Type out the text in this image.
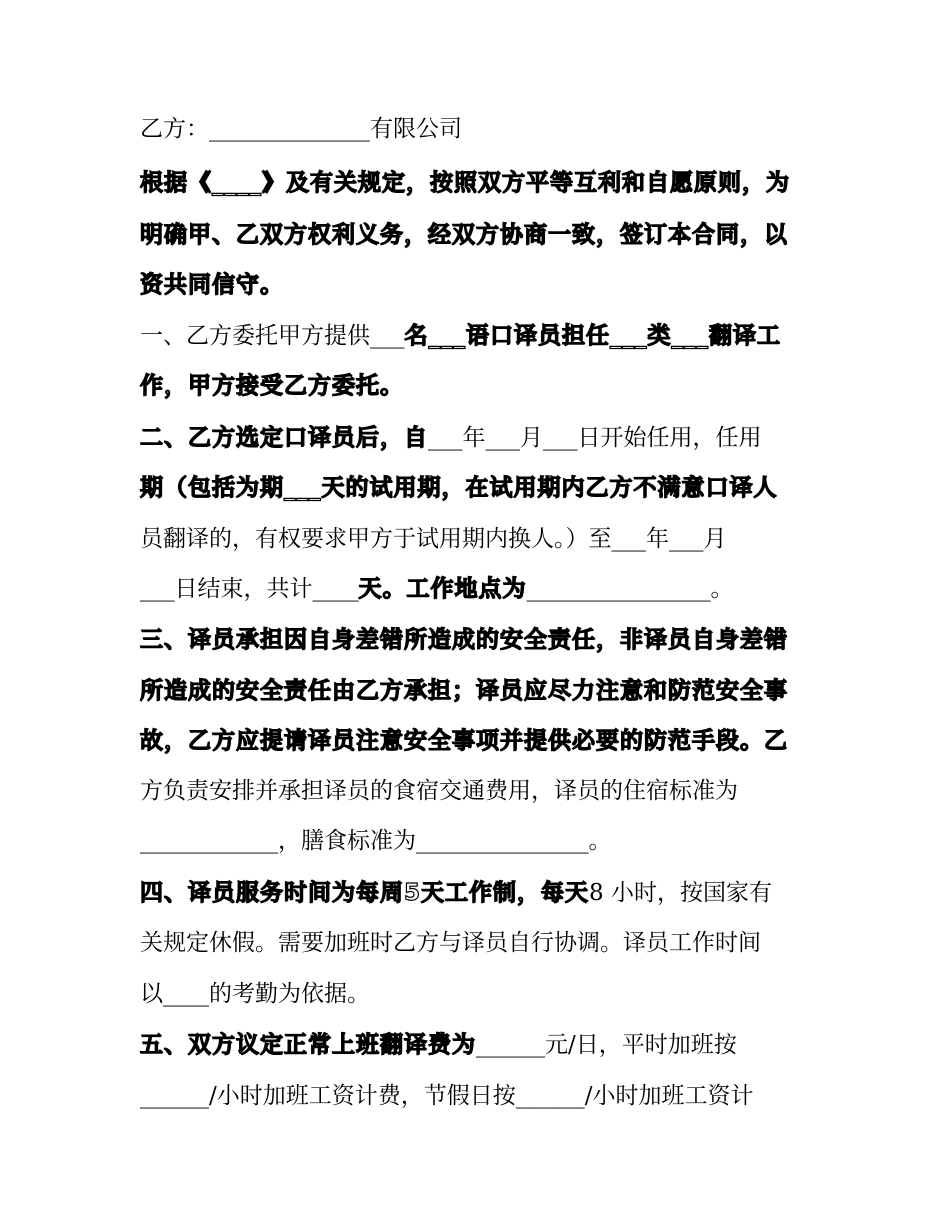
乙方：______________有限公司
根据《____》及有关规定，按照双方平等互利和自愿原则，为
明确甲、乙双方权利义务，经双方协商一致，签订本合同，以
资共同信守。
一、乙方委托甲方提供___名___语口译员担任___类___翻译工
作，甲方接受乙方委托。
二、乙方选定口译员后，自___年___月___日开始任用，任用
期（包括为期___天的试用期，在试用期内乙方不满意口译人
员翻译的，有权要求甲方于试用期内换人。）至___年___月
___日结束，共计____天。工作地点为________________。
三、译员承担因自身差错所造成的安全责任，非译员自身差错
所造成的安全责任由乙方承担；译员应尽力注意和防范安全事
故，乙方应提请译员注意安全事项并提供必要的防范手段。乙
方负责安排并承担译员的食宿交通费用，译员的住宿标准为
____________，膳食标准为_______________。
四、译员服务时间为每周5天工作制，每天8 小时，按国家有
关规定休假。需要加班时乙方与译员自行协调。译员工作时间
以____的考勤为依据。
五、双方议定正常上班翻译费为______元/日，平时加班按
______/小时加班工资计费，节假日按______/小时加班工资计
